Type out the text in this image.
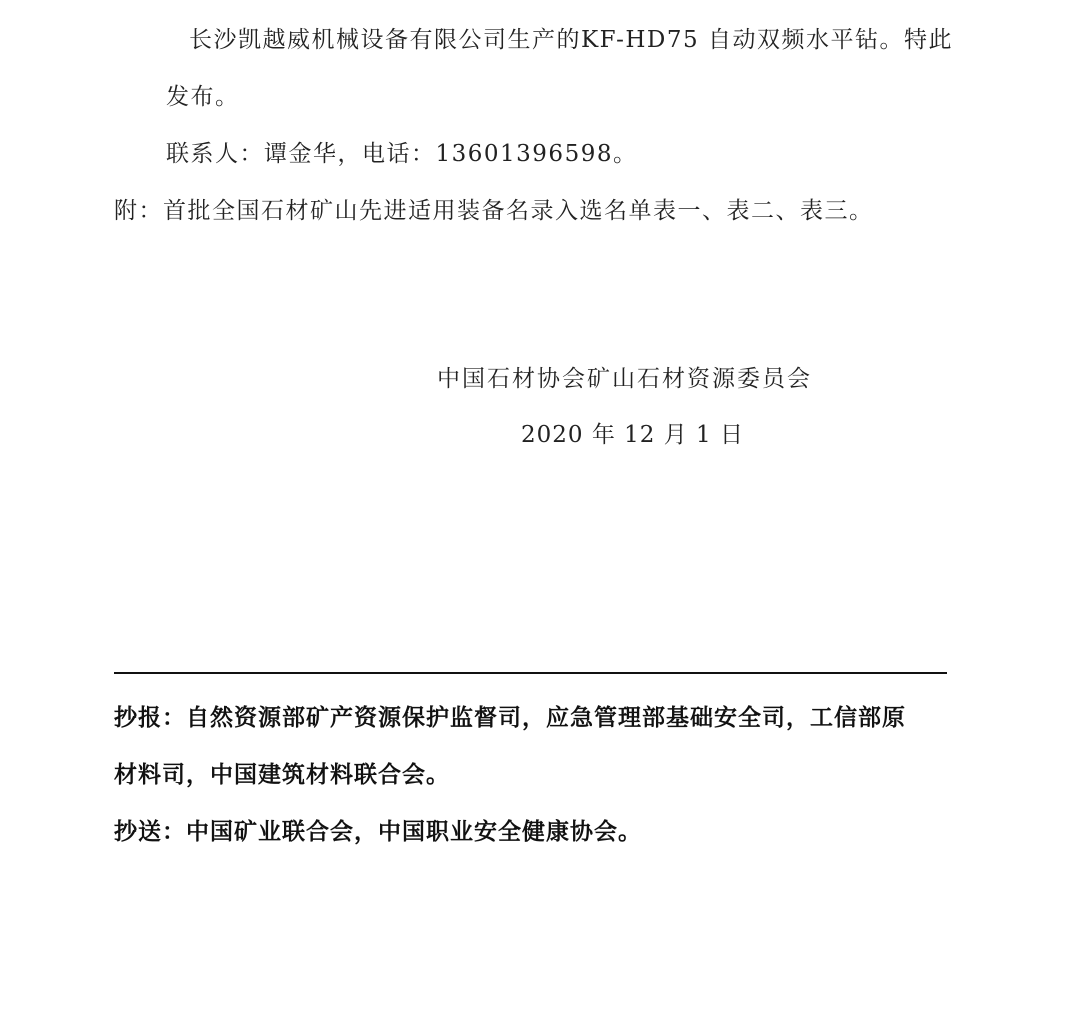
长沙凯越威机械设备有限公司生产的KF-HD75 自动双频水平钻。特此
发布。
联系人：谭金华，电话：13601396598。
附：首批全国石材矿山先进适用装备名录入选名单表一、表二、表三。
中国石材协会矿山石材资源委员会
2020 年 12 月 1 日
抄报：自然资源部矿产资源保护监督司，应急管理部基础安全司，工信部原
材料司，中国建筑材料联合会。
抄送：中国矿业联合会，中国职业安全健康协会。
